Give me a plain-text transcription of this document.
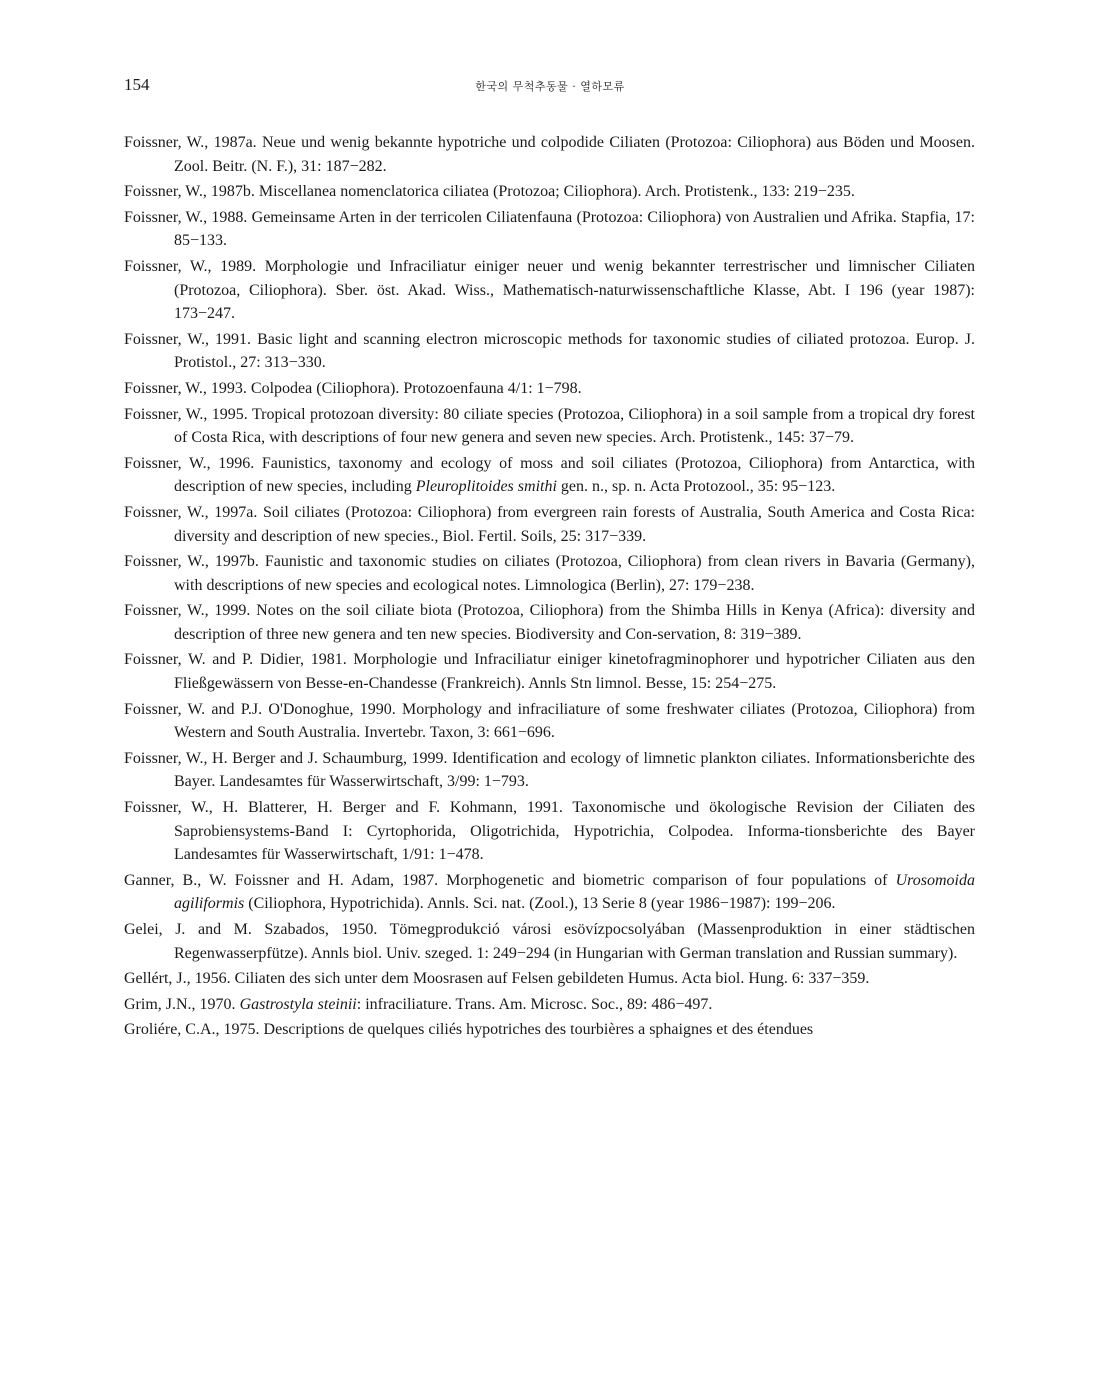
154	한국의 무척추동물 · 열하모류
Foissner, W., 1987a. Neue und wenig bekannte hypotriche und colpodide Ciliaten (Protozoa: Ciliophora) aus Böden und Moosen. Zool. Beitr. (N. F.), 31: 187−282.
Foissner, W., 1987b. Miscellanea nomenclatorica ciliatea (Protozoa; Ciliophora). Arch. Protistenk., 133: 219−235.
Foissner, W., 1988. Gemeinsame Arten in der terricolen Ciliatenfauna (Protozoa: Ciliophora) von Australien und Afrika. Stapfia, 17: 85−133.
Foissner, W., 1989. Morphologie und Infraciliatur einiger neuer und wenig bekannter terrestrischer und limnischer Ciliaten (Protozoa, Ciliophora). Sber. öst. Akad. Wiss., Mathematisch-naturwissenschaftliche Klasse, Abt. I 196 (year 1987): 173−247.
Foissner, W., 1991. Basic light and scanning electron microscopic methods for taxonomic studies of ciliated protozoa. Europ. J. Protistol., 27: 313−330.
Foissner, W., 1993. Colpodea (Ciliophora). Protozoenfauna 4/1: 1−798.
Foissner, W., 1995. Tropical protozoan diversity: 80 ciliate species (Protozoa, Ciliophora) in a soil sample from a tropical dry forest of Costa Rica, with descriptions of four new genera and seven new species. Arch. Protistenk., 145: 37−79.
Foissner, W., 1996. Faunistics, taxonomy and ecology of moss and soil ciliates (Protozoa, Ciliophora) from Antarctica, with description of new species, including Pleuroplitoides smithi gen. n., sp. n. Acta Protozool., 35: 95−123.
Foissner, W., 1997a. Soil ciliates (Protozoa: Ciliophora) from evergreen rain forests of Australia, South America and Costa Rica: diversity and description of new species., Biol. Fertil. Soils, 25: 317−339.
Foissner, W., 1997b. Faunistic and taxonomic studies on ciliates (Protozoa, Ciliophora) from clean rivers in Bavaria (Germany), with descriptions of new species and ecological notes. Limnologica (Berlin), 27: 179−238.
Foissner, W., 1999. Notes on the soil ciliate biota (Protozoa, Ciliophora) from the Shimba Hills in Kenya (Africa): diversity and description of three new genera and ten new species. Biodiversity and Con-servation, 8: 319−389.
Foissner, W. and P. Didier, 1981. Morphologie und Infraciliatur einiger kinetofragminophorer und hypotricher Ciliaten aus den Fließgewässern von Besse-en-Chandesse (Frankreich). Annls Stn limnol. Besse, 15: 254−275.
Foissner, W. and P.J. O'Donoghue, 1990. Morphology and infraciliature of some freshwater ciliates (Protozoa, Ciliophora) from Western and South Australia. Invertebr. Taxon, 3: 661−696.
Foissner, W., H. Berger and J. Schaumburg, 1999. Identification and ecology of limnetic plankton ciliates. Informationsberichte des Bayer. Landesamtes für Wasserwirtschaft, 3/99: 1−793.
Foissner, W., H. Blatterer, H. Berger and F. Kohmann, 1991. Taxonomische und ökologische Revision der Ciliaten des Saprobiensystems-Band I: Cyrtophorida, Oligotrichida, Hypotrichia, Colpodea. Informa-tionsberichte des Bayer Landesamtes für Wasserwirtschaft, 1/91: 1−478.
Ganner, B., W. Foissner and H. Adam, 1987. Morphogenetic and biometric comparison of four populations of Urosomoida agiliformis (Ciliophora, Hypotrichida). Annls. Sci. nat. (Zool.), 13 Serie 8 (year 1986−1987): 199−206.
Gelei, J. and M. Szabados, 1950. Tömegprodukció városi esövízpocsolyában (Massenproduktion in einer städtischen Regenwasserpfütze). Annls biol. Univ. szeged. 1: 249−294 (in Hungarian with German translation and Russian summary).
Gellért, J., 1956. Ciliaten des sich unter dem Moosrasen auf Felsen gebildeten Humus. Acta biol. Hung. 6: 337−359.
Grim, J.N., 1970. Gastrostyla steinii: infraciliature. Trans. Am. Microsc. Soc., 89: 486−497.
Groliére, C.A., 1975. Descriptions de quelques ciliés hypotriches des tourbières a sphaignes et des étendues
